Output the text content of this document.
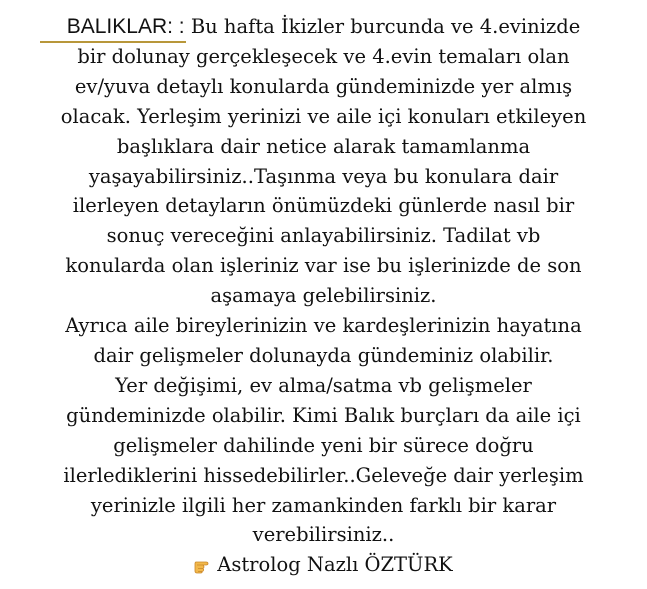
BALIKLAR: : Bu hafta İkizler burcunda ve 4.evinizde
bir dolunay gerçekleşecek ve 4.evin temaları olan
ev/yuva detaylı konularda gündeminizde yer almış
olacak. Yerleşim yerinizi ve aile içi konuları etkileyen
başlıklara dair netice alarak tamamlanma
yaşayabilirsiniz..Taşınma veya bu konulara dair
ilerleyen detayların önümüzdeki günlerde nasıl bir
sonuç vereceğini anlayabilirsiniz. Tadilat vb
konularda olan işleriniz var ise bu işlerinizde de son
aşamaya gelebilirsiniz.
Ayrıca aile bireylerinizin ve kardeşlerinizin hayatına
dair gelişmeler dolunayda gündeminiz olabilir.
Yer değişimi, ev alma/satma vb gelişmeler
gündeminizde olabilir. Kimi Balık burçları da aile içi
gelişmeler dahilinde yeni bir sürece doğru
ilerlediklerini hissedebilirler..Geleveğe dair yerleşim
yerinizle ilgili her zamankinden farklı bir karar
verebilirsiniz..
Astrolog Nazlı ÖZTÜRK
